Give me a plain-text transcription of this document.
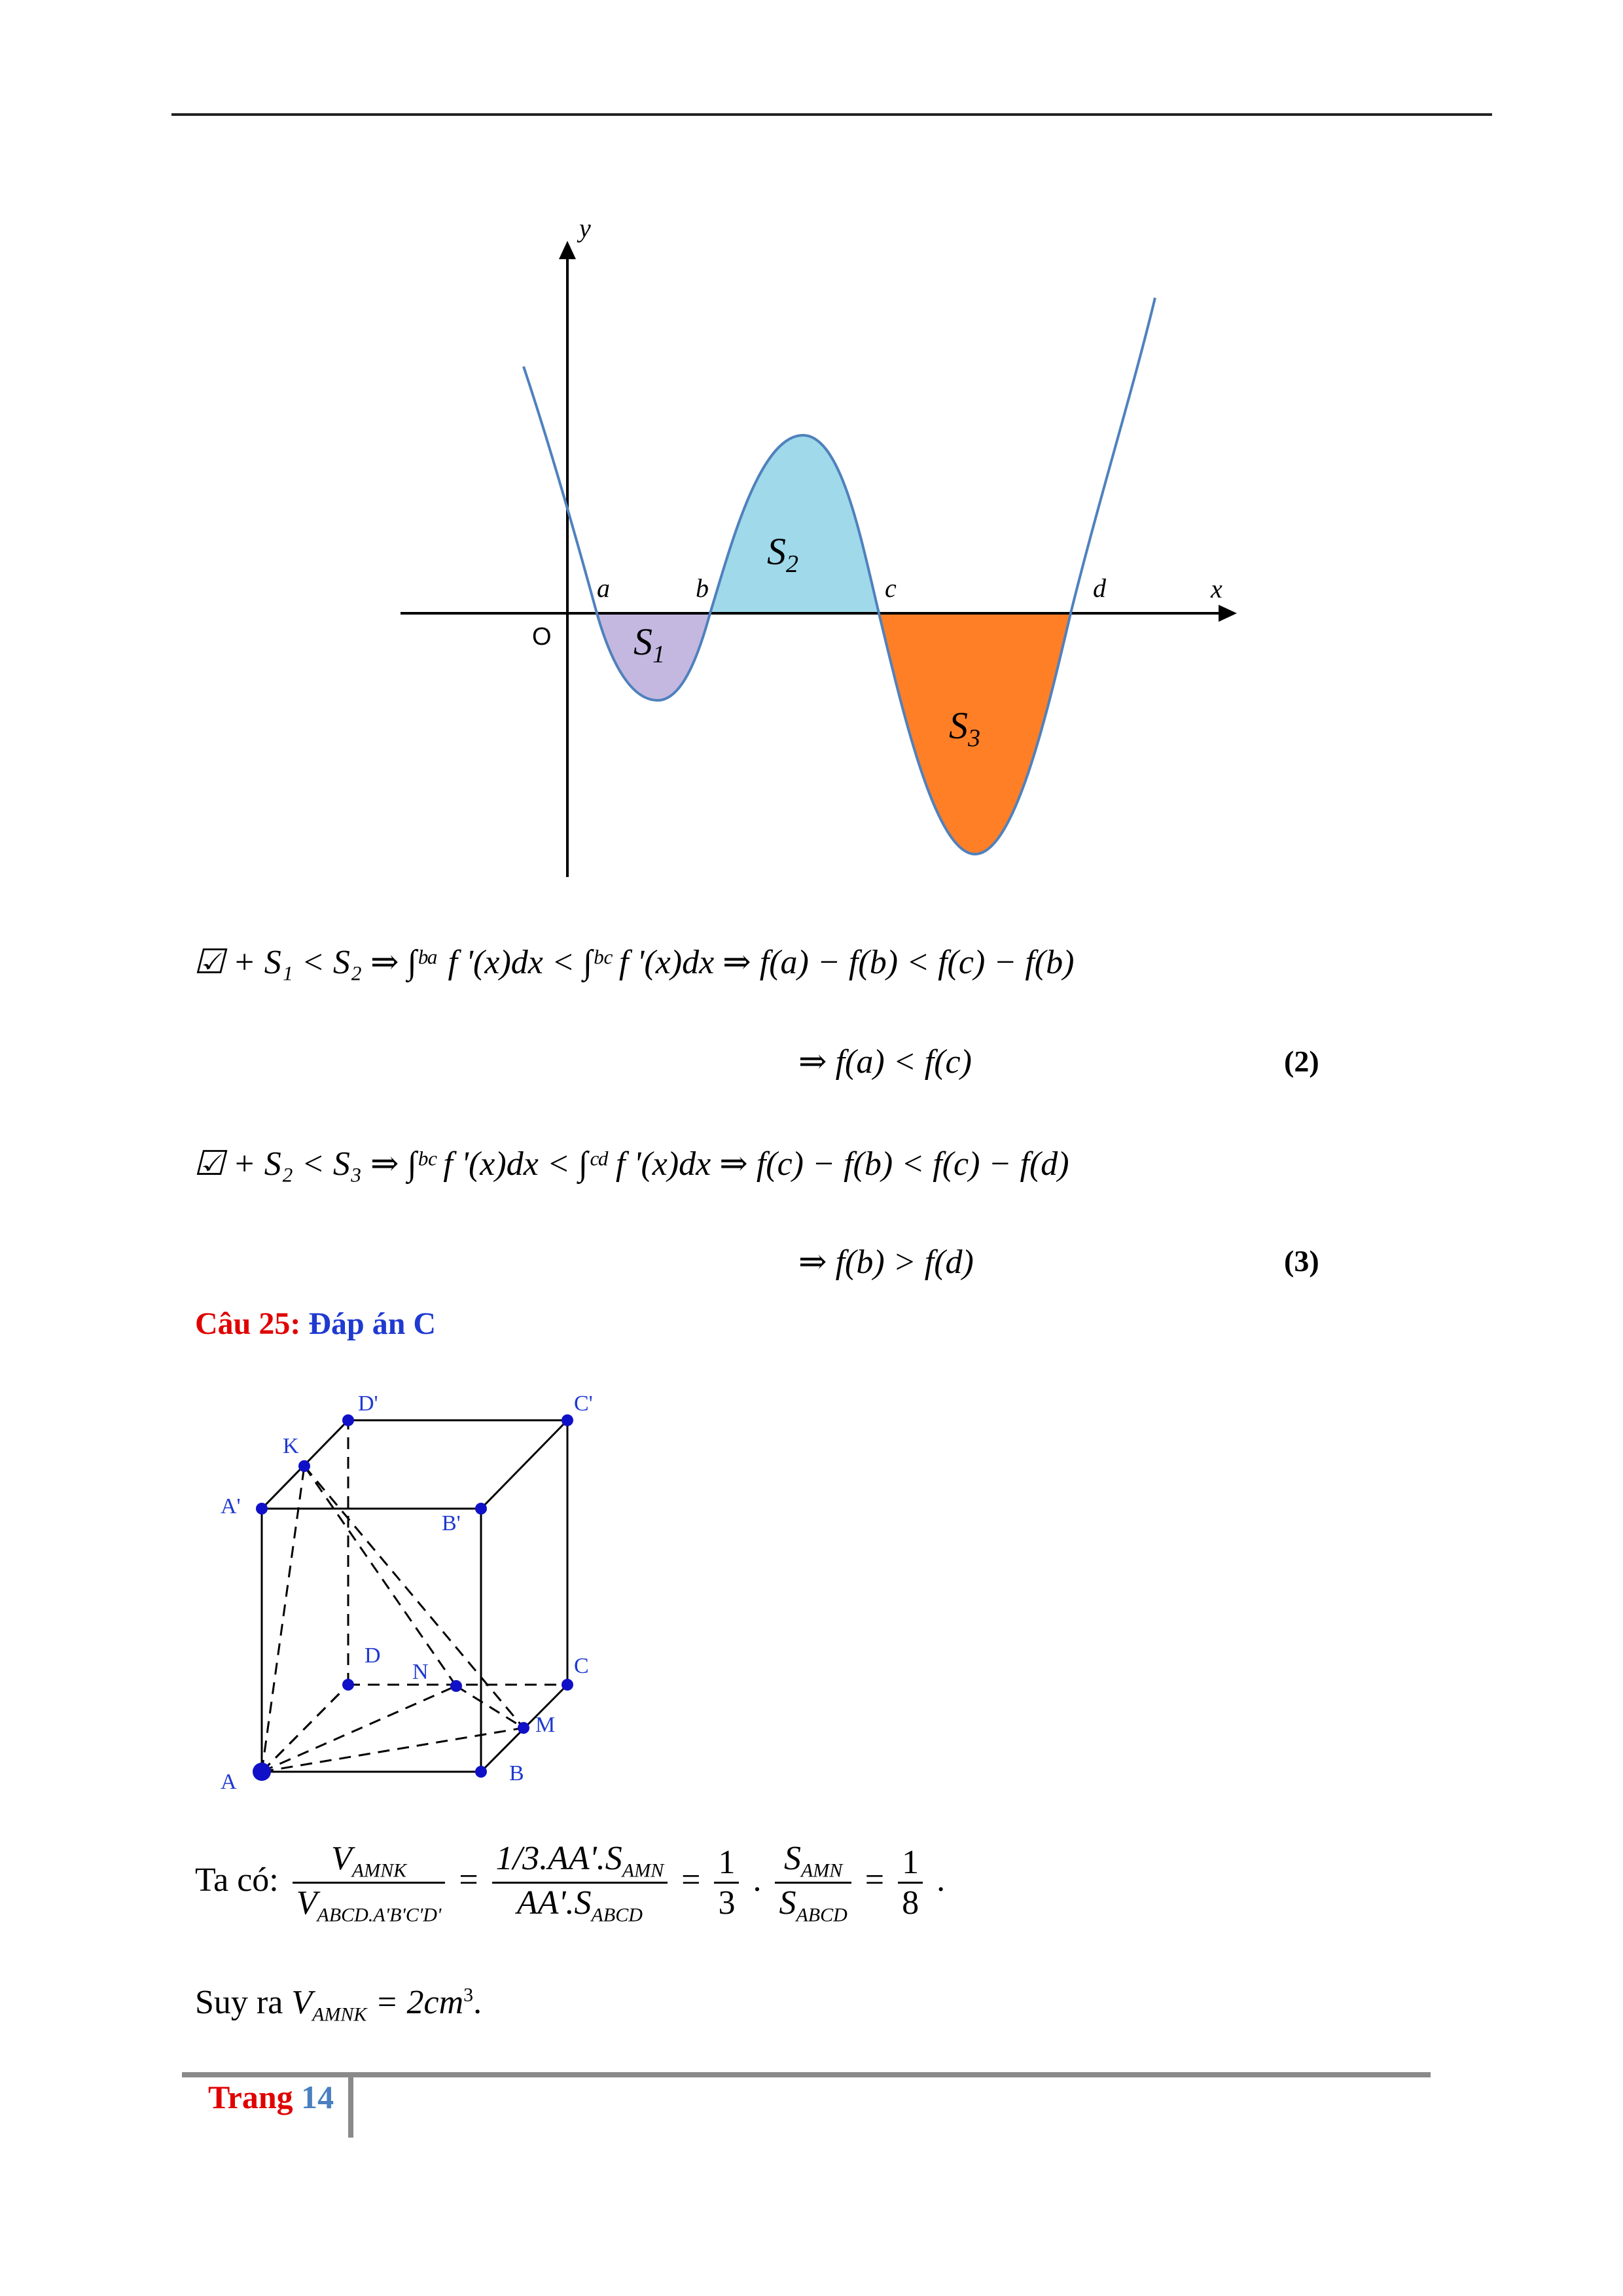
y
x
O
a	b	c	d
$S_1$
$S_2$
$S_3$
☑ + S₁ < S₂ ⇒ ∫ᵇᵃ f '(x)dx < ∫ᵇᶜ f '(x)dx ⇒ f(a) − f(b) < f(c) − f(b)
⇒ f(a) < f(c)	(2)
☑ + S₂ < S₃ ⇒ ∫ᵇᶜ f '(x)dx < ∫ᶜᵈ f '(x)dx ⇒ f(c) − f(b) < f(c) − f(d)
⇒ f(b) > f(d)	(3)
Câu 25: Đáp án C
A	B
C
D
A'
B'
C'
D'
K
N
M
Ta có: $\frac{V_{AMNK}}{V_{ABCD.A'B'C'D'}} = \frac{1/3.AA'.S_{AMN}}{AA'.S_{ABCD}} = \frac{1}{3}$ . $\frac{S_{AMN}}{S_{ABCD}} = \frac{1}{8}$ .
Suy ra $V_{AMNK} = 2cm^3$.
Trang 14
